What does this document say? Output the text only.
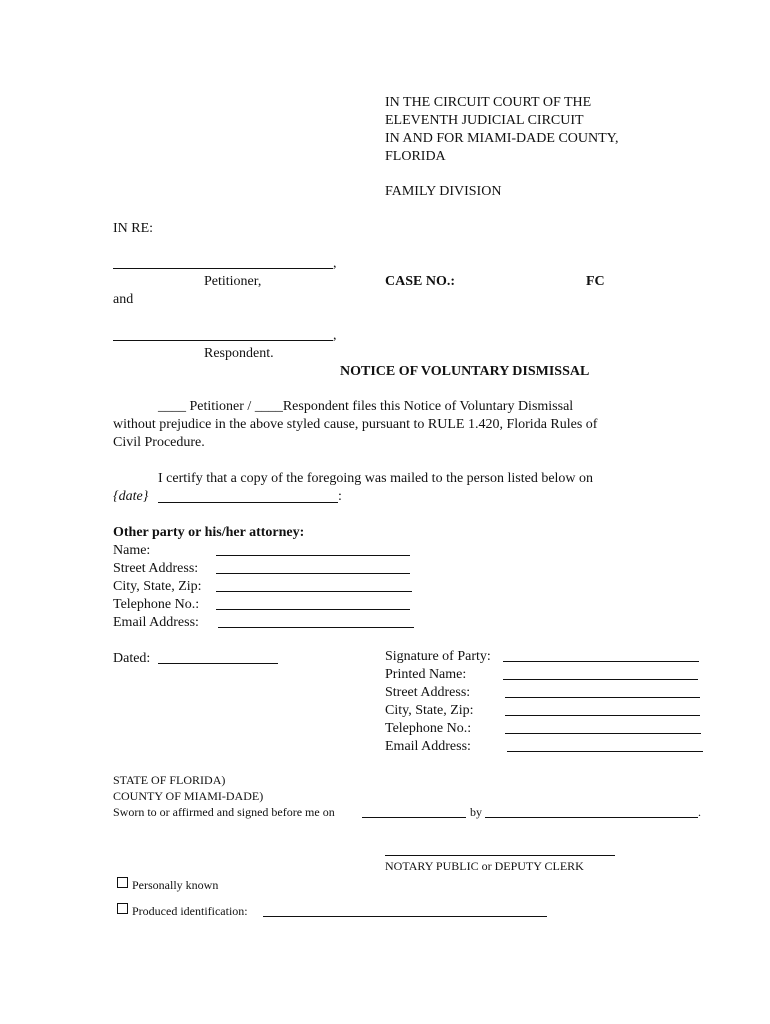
IN THE CIRCUIT COURT OF THE
ELEVENTH JUDICIAL CIRCUIT
IN AND FOR MIAMI-DADE COUNTY,
FLORIDA
FAMILY DIVISION
IN RE:
,
Petitioner,	CASE NO.:	FC
and
,
Respondent.
NOTICE OF VOLUNTARY DISMISSAL
____ Petitioner / ____Respondent files this Notice of Voluntary Dismissal
without prejudice in the above styled cause, pursuant to RULE 1.420, Florida Rules of
Civil Procedure.
I certify that a copy of the foregoing was mailed to the person listed below on
{date}	:
Other party or his/her attorney:
Name:
Street Address:
City, State, Zip:
Telephone No.:
Email Address:
Dated:	Signature of Party:
Printed Name:
Street Address:
City, State, Zip:
Telephone No.:
Email Address:
STATE OF FLORIDA)
COUNTY OF MIAMI-DADE)
Sworn to or affirmed and signed before me on	by	.
NOTARY PUBLIC or DEPUTY CLERK
Personally known
Produced identification:
